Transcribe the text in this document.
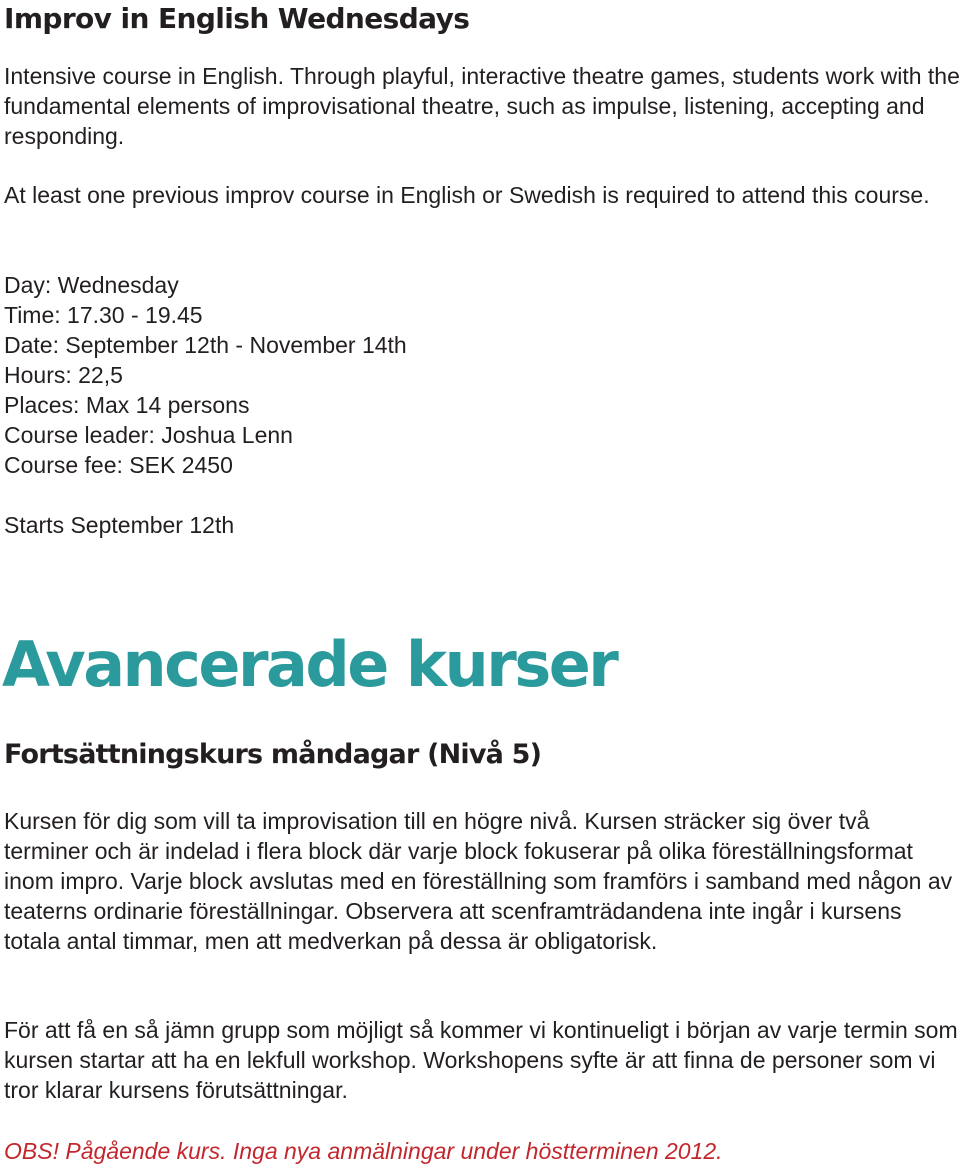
Improv in English Wednesdays

Intensive course in English. Through playful, interactive theatre games, students work with the fundamental elements of improvisational theatre, such as impulse, listening, accepting and responding.

At least one previous improv course in English or Swedish is required to attend this course.

Day: Wednesday
Time: 17.30 - 19.45
Date: September 12th - November 14th
Hours: 22,5
Places: Max 14 persons
Course leader: Joshua Lenn
Course fee: SEK 2450

Starts September 12th

Avancerade kurser
Fortsättningskurs måndagar (Nivå 5)

Kursen för dig som vill ta improvisation till en högre nivå. Kursen sträcker sig över två terminer och är indelad i flera block där varje block fokuserar på olika föreställningsformat inom impro. Varje block avslutas med en föreställning som framförs i samband med någon av teaterns ordinarie föreställningar. Observera att scenframträdandena inte ingår i kursens totala antal timmar, men att medverkan på dessa är obligatorisk.

För att få en så jämn grupp som möjligt så kommer vi kontinueligt i början av varje termin som kursen startar att ha en lekfull workshop. Workshopens syfte är att finna de personer som vi tror klarar kursens förutsättningar.

OBS! Pågående kurs. Inga nya anmälningar under höstterminen 2012.
